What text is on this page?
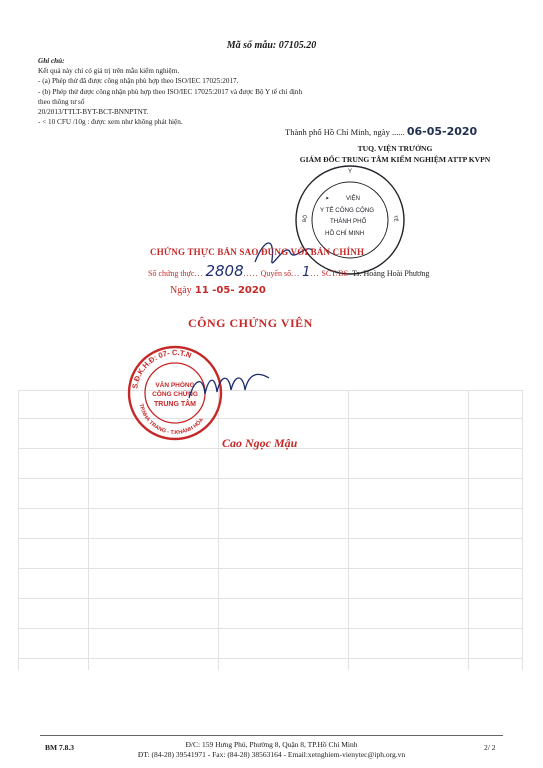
Mã số mẫu: 07105.20
Ghi chú:
Kết quả này chỉ có giá trị trên mẫu kiểm nghiệm.
- (a) Phép thử đã được công nhận phù hợp theo ISO/IEC 17025:2017.
- (b) Phép thử được công nhận phù hợp theo ISO/IEC 17025:2017 và được Bộ Y tế chỉ định theo thông tư số
20/2013/TTLT-BYT-BCT-BNNPTNT.
- < 10 CFU /10g : được xem như không phát hiện.
Thành phố Hồ Chí Minh, ngày ...... 06-05-2020
TUQ. VIỆN TRƯỞNG
GIÁM ĐỐC TRUNG TÂM KIỂM NGHIỆM ATTP KVPN
★
Y
VIỆN
Y TẾ CÔNG CỘNG
THÀNH PHỐ
HỒ CHÍ MINH
BỘ	TẾ
CHỨNG THỰC BẢN SAO ĐÚNG VỚI BẢN CHÍNH
Số chứng thực... 2808..... Quyển số... 1... SCT/BS Ts. Hoàng Hoài Phương
Ngày 11 -05- 2020
CÔNG CHỨNG VIÊN
S.Đ.K.H.Đ: 07- C.T.N
TP.NHA TRANG - T.KHÁNH HÒA
VĂN PHÒNG
CÔNG CHỨNG
TRUNG TÂM
Cao Ngọc Mậu
BM 7.8.3	Đ/C: 159 Hưng Phú, Phường 8, Quận 8, TP.Hồ Chí Minh
ĐT: (84-28) 39541971 - Fax: (84-28) 38563164 - Email:xetnghiem-vienytec@iph.org.vn
2/ 2
